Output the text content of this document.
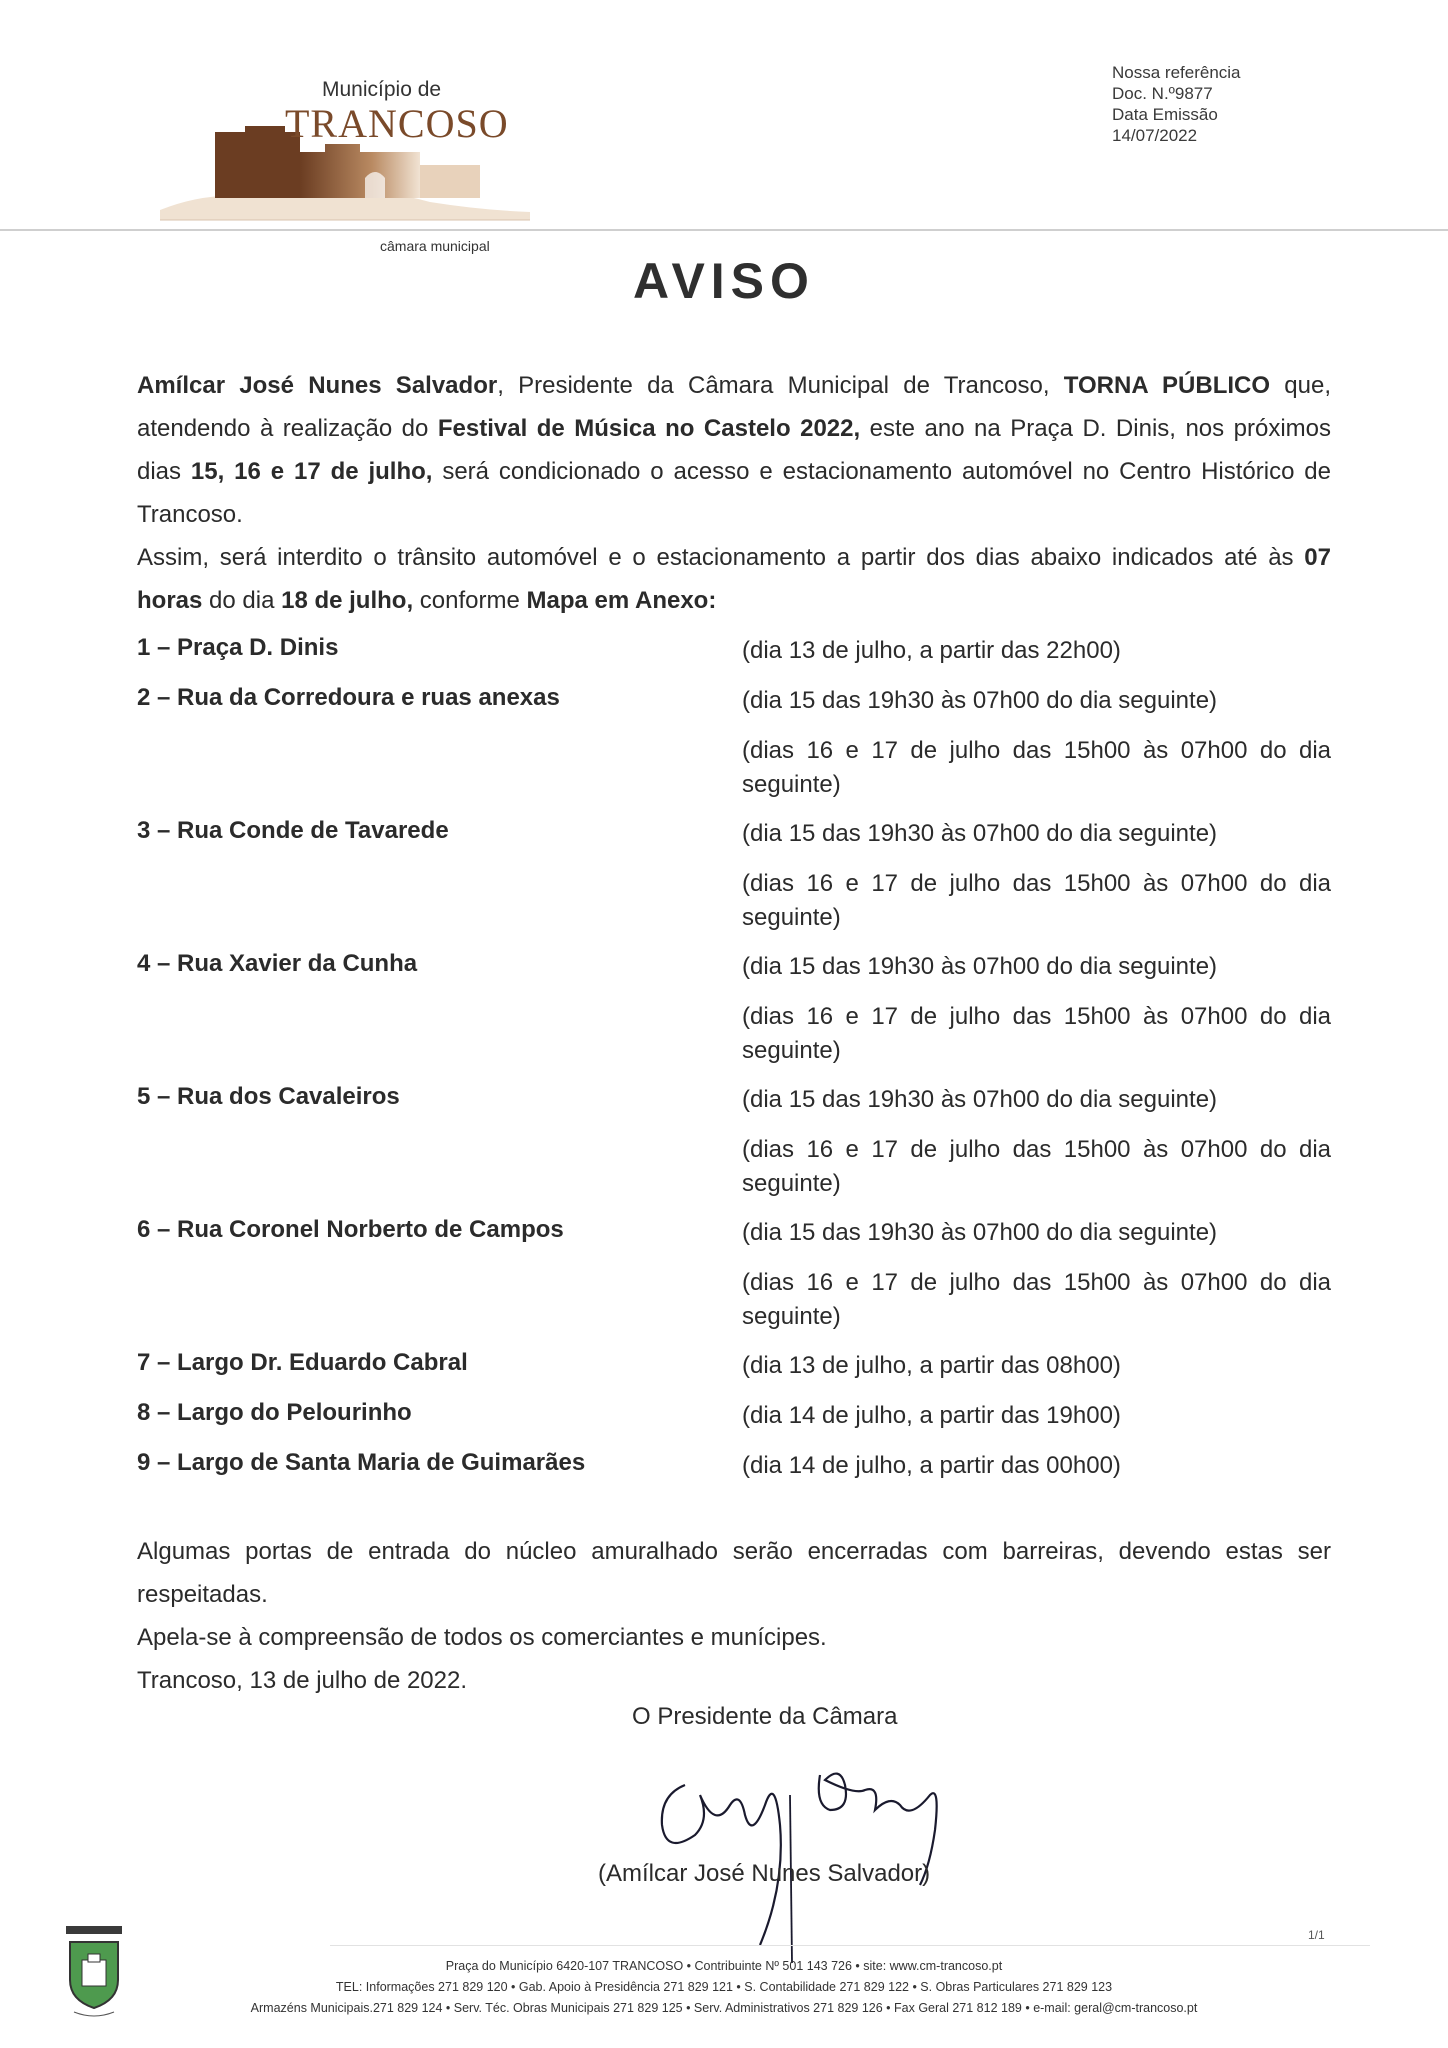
Município de
TRANCOSO
câmara municipal
Nossa referência
Doc. N.º9877
Data Emissão
14/07/2022
AVISO
Amílcar José Nunes Salvador, Presidente da Câmara Municipal de Trancoso, TORNA PÚBLICO que, atendendo à realização do Festival de Música no Castelo 2022, este ano na Praça D. Dinis, nos próximos dias 15, 16 e 17 de julho, será condicionado o acesso e estacionamento automóvel no Centro Histórico de Trancoso.
Assim, será interdito o trânsito automóvel e o estacionamento a partir dos dias abaixo indicados até às 07 horas do dia 18 de julho, conforme Mapa em Anexo:
1 – Praça D. Dinis	(dia 13 de julho, a partir das 22h00)
2 – Rua da Corredoura e ruas anexas	(dia 15 das 19h30 às 07h00 do dia seguinte)
(dias 16 e 17 de julho das 15h00 às 07h00 do dia seguinte)
3 – Rua Conde de Tavarede	(dia 15 das 19h30 às 07h00 do dia seguinte)
(dias 16 e 17 de julho das 15h00 às 07h00 do dia seguinte)
4 – Rua Xavier da Cunha	(dia 15 das 19h30 às 07h00 do dia seguinte)
(dias 16 e 17 de julho das 15h00 às 07h00 do dia seguinte)
5 – Rua dos Cavaleiros	(dia 15 das 19h30 às 07h00 do dia seguinte)
(dias 16 e 17 de julho das 15h00 às 07h00 do dia seguinte)
6 – Rua Coronel Norberto de Campos	(dia 15 das 19h30 às 07h00 do dia seguinte)
(dias 16 e 17 de julho das 15h00 às 07h00 do dia seguinte)
7 – Largo Dr. Eduardo Cabral	(dia 13 de julho, a partir das 08h00)
8 – Largo do Pelourinho	(dia 14 de julho, a partir das 19h00)
9 – Largo de Santa Maria de Guimarães	(dia 14 de julho, a partir das 00h00)
Algumas portas de entrada do núcleo amuralhado serão encerradas com barreiras, devendo estas ser respeitadas.
Apela-se à compreensão de todos os comerciantes e munícipes.
Trancoso, 13 de julho de 2022.
O Presidente da Câmara
(Amílcar José Nunes Salvador)
1/1
Praça do Município 6420-107 TRANCOSO • Contribuinte Nº 501 143 726 • site: www.cm-trancoso.pt
TEL: Informações 271 829 120 • Gab. Apoio à Presidência 271 829 121 • S. Contabilidade 271 829 122 • S. Obras Particulares 271 829 123
Armazéns Municipais.271 829 124 • Serv. Téc. Obras Municipais 271 829 125 • Serv. Administrativos 271 829 126 • Fax Geral 271 812 189 • e-mail: geral@cm-trancoso.pt
